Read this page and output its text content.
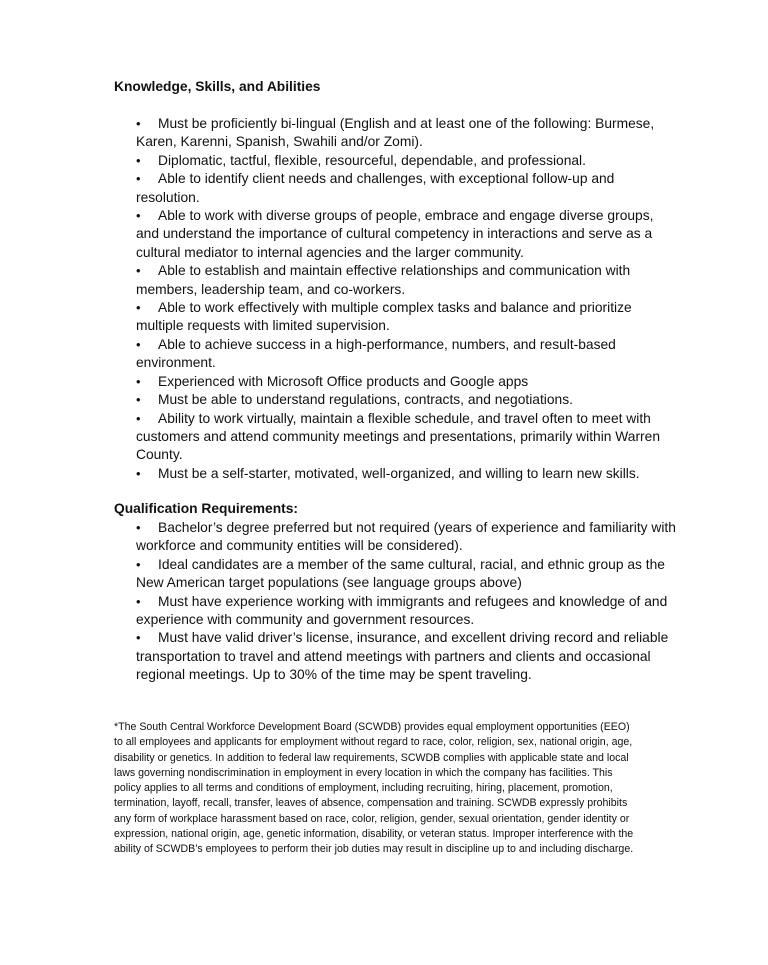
Knowledge, Skills, and Abilities
• Must be proficiently bi-lingual (English and at least one of the following: Burmese, Karen, Karenni, Spanish, Swahili and/or Zomi).
• Diplomatic, tactful, flexible, resourceful, dependable, and professional.
• Able to identify client needs and challenges, with exceptional follow-up and resolution.
• Able to work with diverse groups of people, embrace and engage diverse groups, and understand the importance of cultural competency in interactions and serve as a cultural mediator to internal agencies and the larger community.
• Able to establish and maintain effective relationships and communication with members, leadership team, and co-workers.
• Able to work effectively with multiple complex tasks and balance and prioritize multiple requests with limited supervision.
• Able to achieve success in a high-performance, numbers, and result-based environment.
• Experienced with Microsoft Office products and Google apps
• Must be able to understand regulations, contracts, and negotiations.
• Ability to work virtually, maintain a flexible schedule, and travel often to meet with customers and attend community meetings and presentations, primarily within Warren County.
• Must be a self-starter, motivated, well-organized, and willing to learn new skills.
Qualification Requirements:
• Bachelor’s degree preferred but not required (years of experience and familiarity with workforce and community entities will be considered).
• Ideal candidates are a member of the same cultural, racial, and ethnic group as the New American target populations (see language groups above)
• Must have experience working with immigrants and refugees and knowledge of and experience with community and government resources.
• Must have valid driver’s license, insurance, and excellent driving record and reliable transportation to travel and attend meetings with partners and clients and occasional regional meetings. Up to 30% of the time may be spent traveling.

*The South Central Workforce Development Board (SCWDB) provides equal employment opportunities (EEO) to all employees and applicants for employment without regard to race, color, religion, sex, national origin, age, disability or genetics. In addition to federal law requirements, SCWDB complies with applicable state and local laws governing nondiscrimination in employment in every location in which the company has facilities. This policy applies to all terms and conditions of employment, including recruiting, hiring, placement, promotion, termination, layoff, recall, transfer, leaves of absence, compensation and training. SCWDB expressly prohibits any form of workplace harassment based on race, color, religion, gender, sexual orientation, gender identity or expression, national origin, age, genetic information, disability, or veteran status. Improper interference with the ability of SCWDB’s employees to perform their job duties may result in discipline up to and including discharge.
